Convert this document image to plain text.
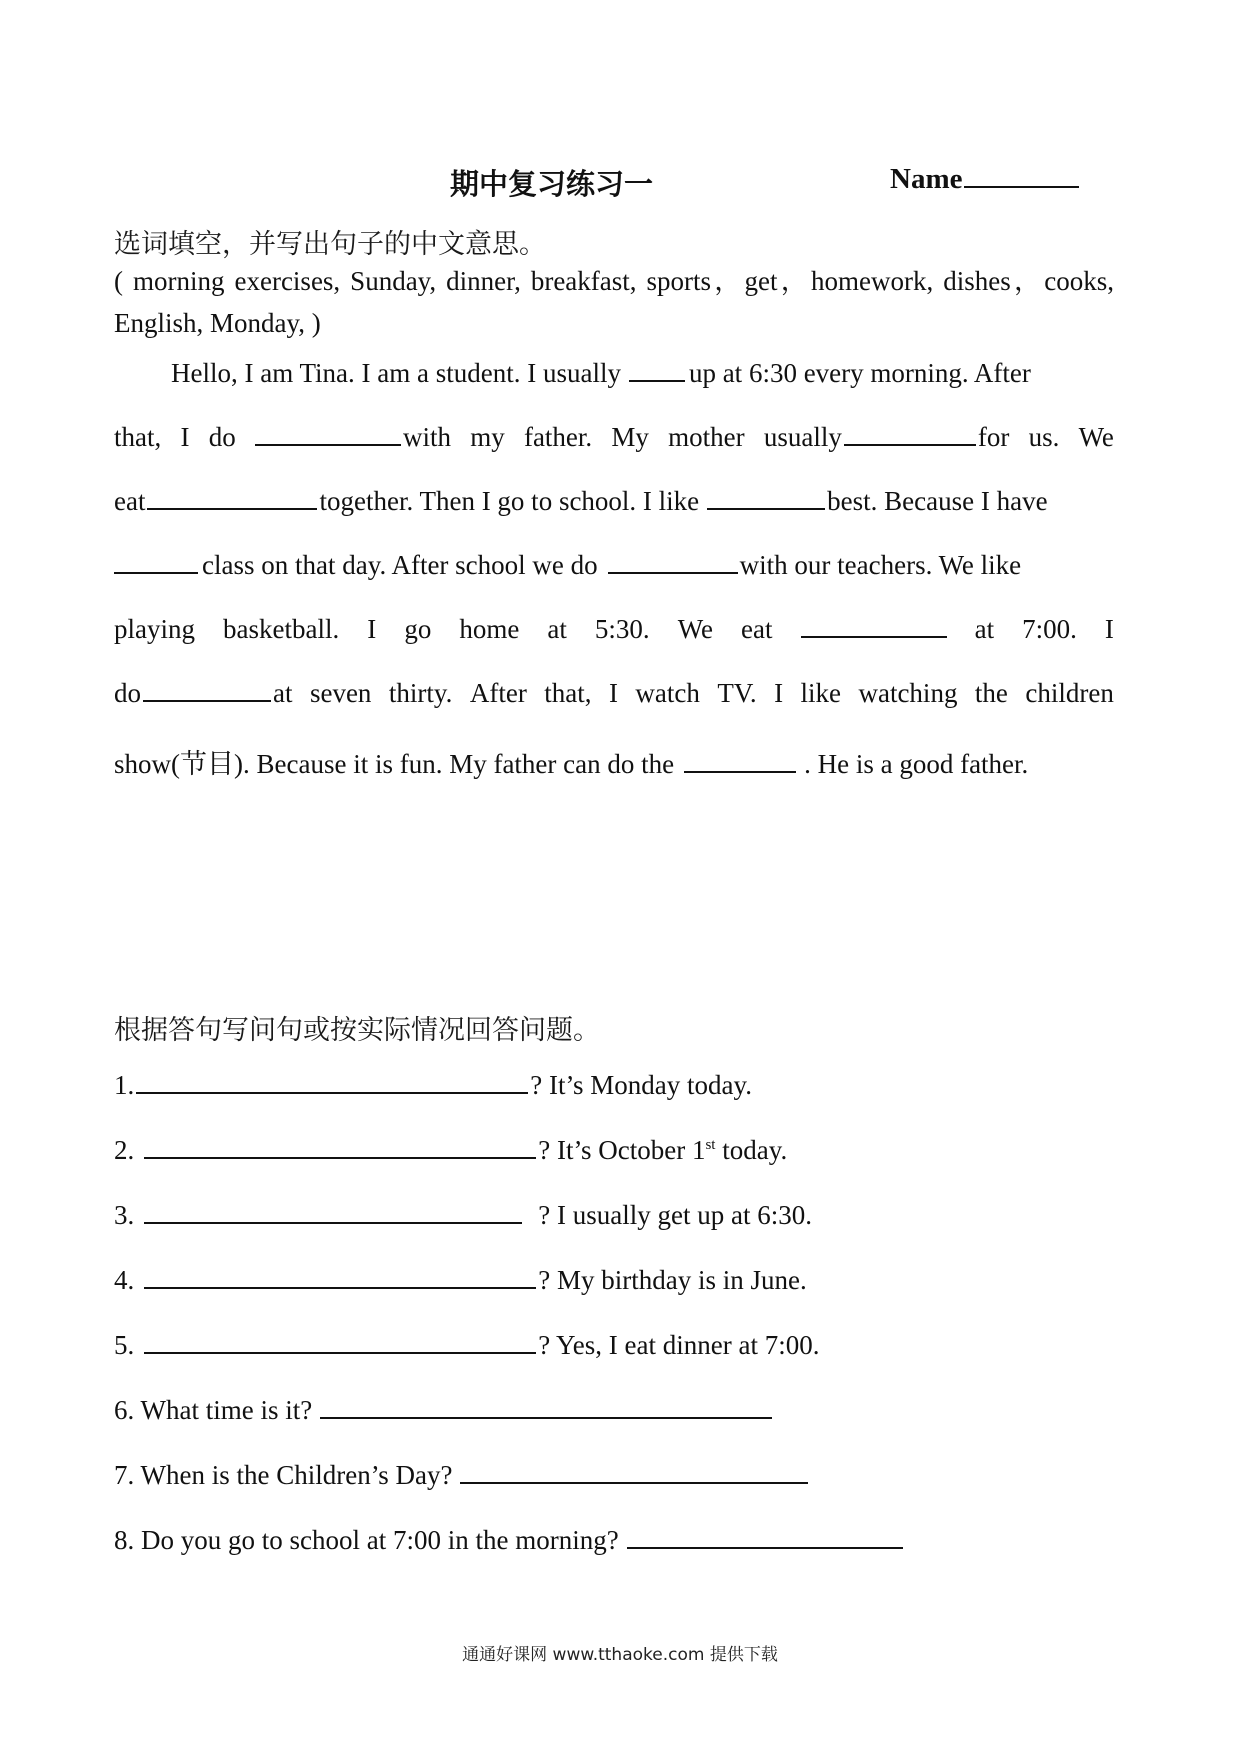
期中复习练习一	Name
选词填空，并写出句子的中文意思。
( morning exercises, Sunday, dinner, breakfast, sports，get，homework, dishes，cooks, English, Monday, )
Hello, I am Tina. I am a student. I usually	up at 6:30 every morning. After
that, I do	with my father. My mother usually	for us. We
eat	together. Then I go to school. I like	best. Because I have
class on that day. After school we do	with our teachers. We like
playing basketball. I go home at 5:30. We eat	at 7:00. I
do	at seven thirty. After that, I watch TV. I like watching the children
show(节目). Because it is fun. My father can do the	. He is a good father.
根据答句写问句或按实际情况回答问题。
1.	? It’s Monday today.
2.	? It’s October 1st today.
3.	? I usually get up at 6:30.
4.	? My birthday is in June.
5.	? Yes, I eat dinner at 7:00.
6. What time is it?
7. When is the Children’s Day?
8. Do you go to school at 7:00 in the morning?
通通好课网 www.tthaoke.com 提供下载
